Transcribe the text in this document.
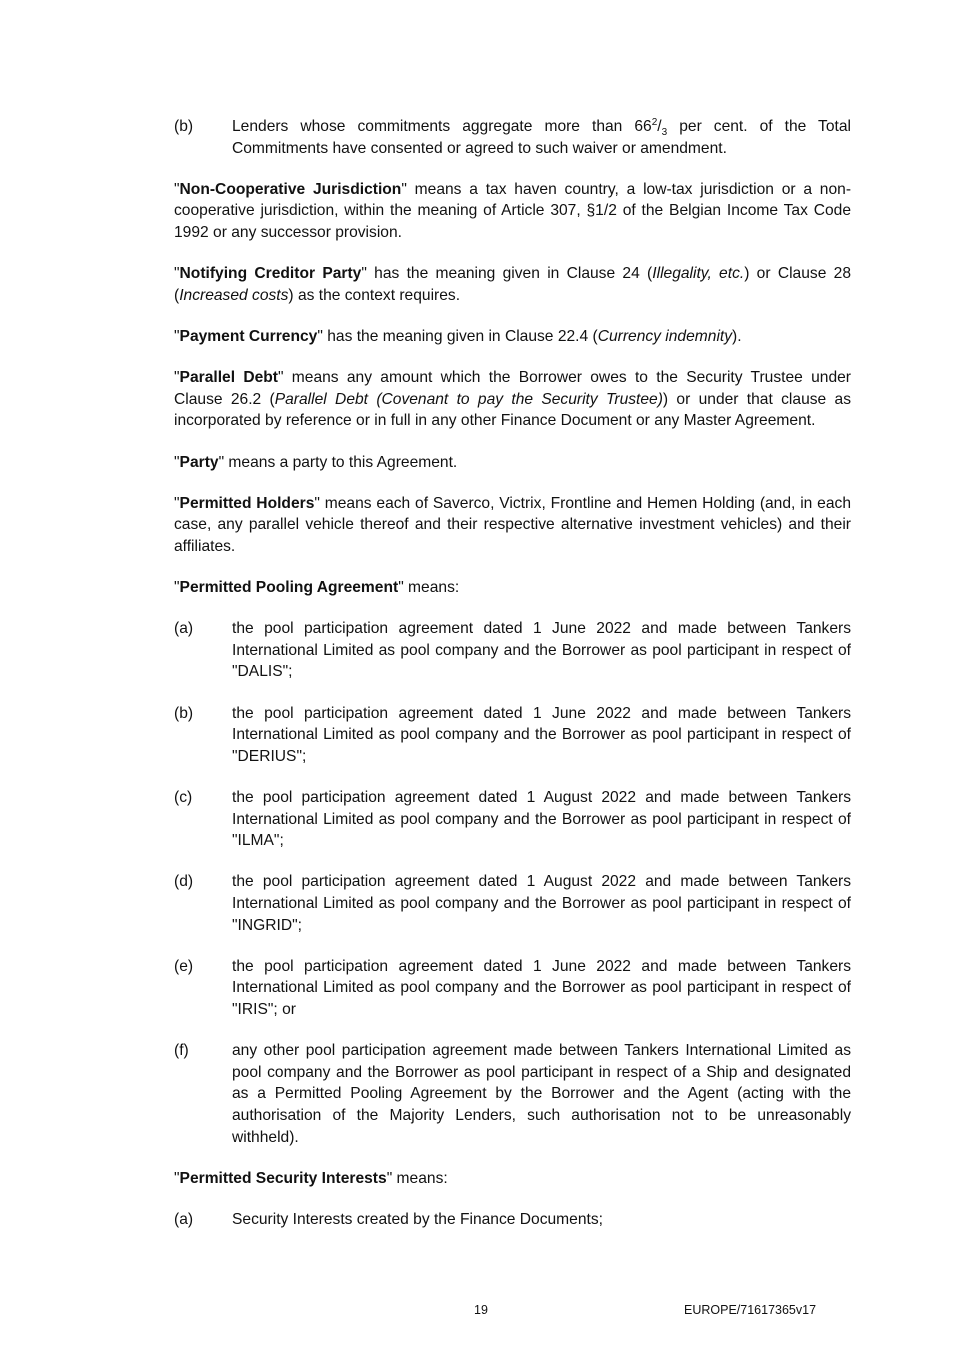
(b)	Lenders whose commitments aggregate more than $66^2/_3$ per cent. of the Total Commitments have consented or agreed to such waiver or amendment.

"Non-Cooperative Jurisdiction" means a tax haven country, a low-tax jurisdiction or a non-cooperative jurisdiction, within the meaning of Article 307, §1/2 of the Belgian Income Tax Code 1992 or any successor provision.

"Notifying Creditor Party" has the meaning given in Clause 24 (Illegality, etc.) or Clause 28 (Increased costs) as the context requires.

"Payment Currency" has the meaning given in Clause 22.4 (Currency indemnity).

"Parallel Debt" means any amount which the Borrower owes to the Security Trustee under Clause 26.2 (Parallel Debt (Covenant to pay the Security Trustee)) or under that clause as incorporated by reference or in full in any other Finance Document or any Master Agreement.

"Party" means a party to this Agreement.

"Permitted Holders" means each of Saverco, Victrix, Frontline and Hemen Holding (and, in each case, any parallel vehicle thereof and their respective alternative investment vehicles) and their affiliates.

"Permitted Pooling Agreement" means:

(a)	the pool participation agreement dated 1 June 2022 and made between Tankers International Limited as pool company and the Borrower as pool participant in respect of "DALIS";
(b)	the pool participation agreement dated 1 June 2022 and made between Tankers International Limited as pool company and the Borrower as pool participant in respect of "DERIUS";
(c)	the pool participation agreement dated 1 August 2022 and made between Tankers International Limited as pool company and the Borrower as pool participant in respect of "ILMA";
(d)	the pool participation agreement dated 1 August 2022 and made between Tankers International Limited as pool company and the Borrower as pool participant in respect of "INGRID";
(e)	the pool participation agreement dated 1 June 2022 and made between Tankers International Limited as pool company and the Borrower as pool participant in respect of "IRIS"; or
(f)	any other pool participation agreement made between Tankers International Limited as pool company and the Borrower as pool participant in respect of a Ship and designated as a Permitted Pooling Agreement by the Borrower and the Agent (acting with the authorisation of the Majority Lenders, such authorisation not to be unreasonably withheld).

"Permitted Security Interests" means:

(a)	Security Interests created by the Finance Documents;
19	EUROPE/71617365v17
